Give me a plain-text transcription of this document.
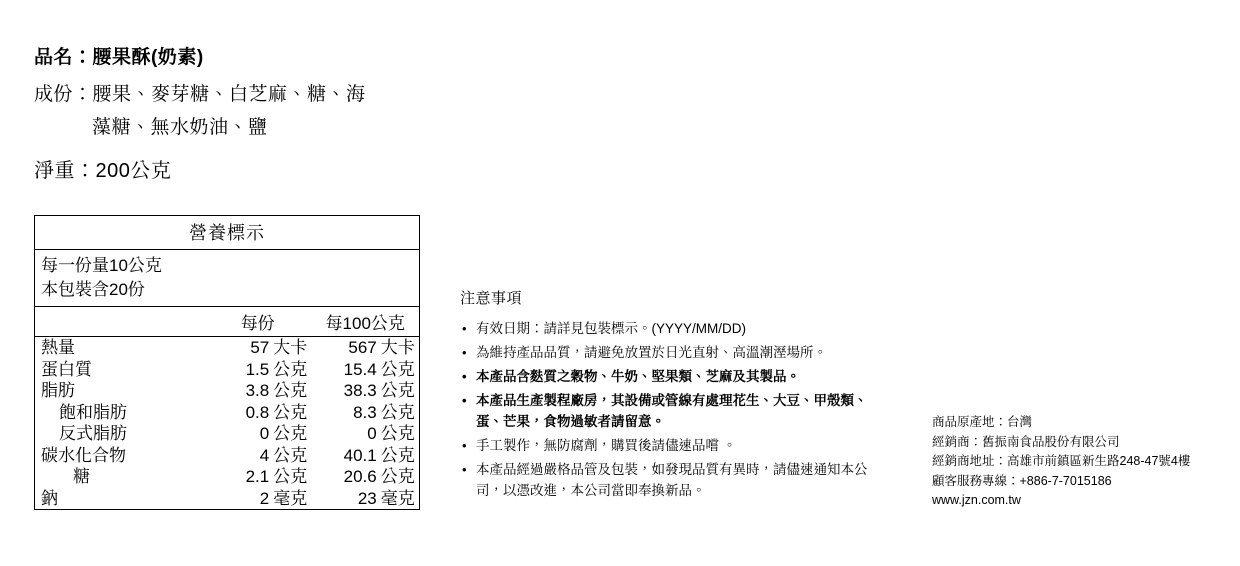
品名：腰果酥(奶素)
成份：腰果、麥芽糖、白芝麻、糖、海
藻糖、無水奶油、鹽
淨重：200公克
營養標示
每一份量10公克
本包裝含20份
	每份		每100公克	
熱量	57	大卡	567	大卡
蛋白質	1.5	公克	15.4	公克
脂肪	3.8	公克	38.3	公克
飽和脂肪	0.8	公克	8.3	公克
反式脂肪	0	公克	0	公克
碳水化合物	4	公克	40.1	公克
糖	2.1	公克	20.6	公克
鈉	2	毫克	23	毫克
注意事項
• 有效日期：請詳見包裝標示。(YYYY/MM/DD)
• 為維持產品品質，請避免放置於日光直射、高溫潮溼場所。
• 本產品含麩質之穀物、牛奶、堅果類、芝麻及其製品。
• 本產品生產製程廠房，其設備或管線有處理花生、大豆、甲殼類、蛋、芒果，食物過敏者請留意。
• 手工製作，無防腐劑，購買後請儘速品嚐 。
• 本產品經過嚴格品管及包裝，如發現品質有異時，請儘速通知本公司，以憑改進，本公司當即奉換新品。
商品原產地：台灣
經銷商：舊振南食品股份有限公司
經銷商地址：高雄市前鎮區新生路248-47號4樓
顧客服務專線：+886-7-7015186
www.jzn.com.tw
